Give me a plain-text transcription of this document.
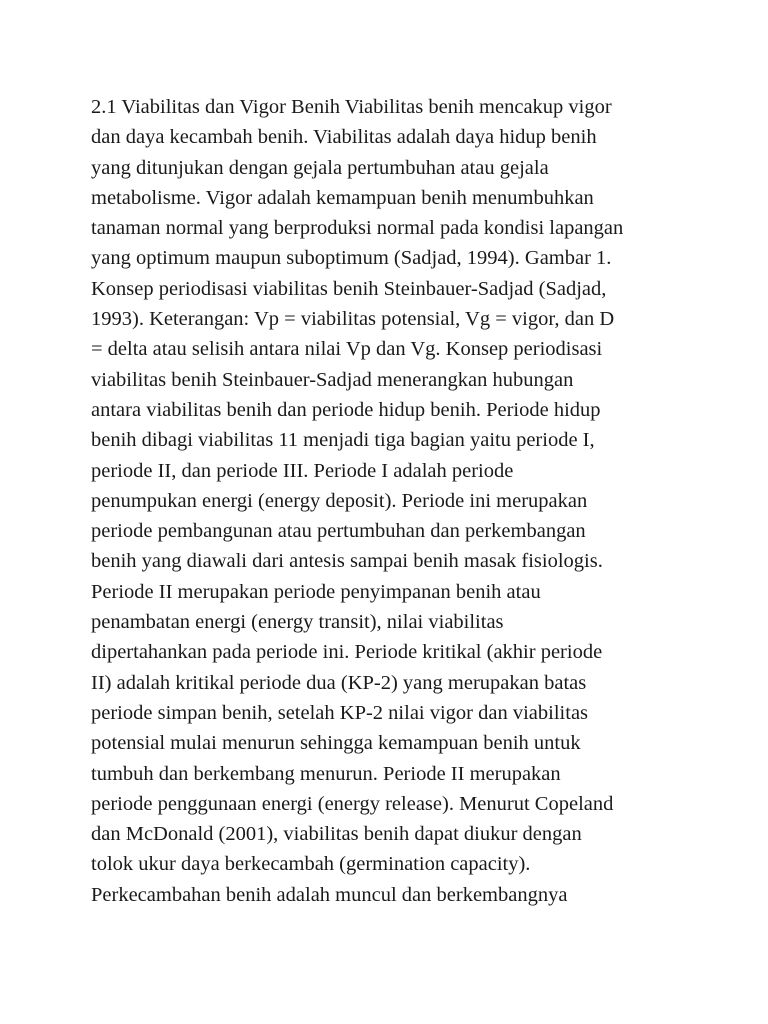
2.1 Viabilitas dan Vigor Benih Viabilitas benih mencakup vigor
dan daya kecambah benih. Viabilitas adalah daya hidup benih
yang ditunjukan dengan gejala pertumbuhan atau gejala
metabolisme. Vigor adalah kemampuan benih menumbuhkan
tanaman normal yang berproduksi normal pada kondisi lapangan
yang optimum maupun suboptimum (Sadjad, 1994). Gambar 1.
Konsep periodisasi viabilitas benih Steinbauer-Sadjad (Sadjad,
1993). Keterangan: Vp = viabilitas potensial, Vg = vigor, dan D
= delta atau selisih antara nilai Vp dan Vg. Konsep periodisasi
viabilitas benih Steinbauer-Sadjad menerangkan hubungan
antara viabilitas benih dan periode hidup benih. Periode hidup
benih dibagi viabilitas 11 menjadi tiga bagian yaitu periode I,
periode II, dan periode III. Periode I adalah periode
penumpukan energi (energy deposit). Periode ini merupakan
periode pembangunan atau pertumbuhan dan perkembangan
benih yang diawali dari antesis sampai benih masak fisiologis.
Periode II merupakan periode penyimpanan benih atau
penambatan energi (energy transit), nilai viabilitas
dipertahankan pada periode ini. Periode kritikal (akhir periode
II) adalah kritikal periode dua (KP-2) yang merupakan batas
periode simpan benih, setelah KP-2 nilai vigor dan viabilitas
potensial mulai menurun sehingga kemampuan benih untuk
tumbuh dan berkembang menurun. Periode II merupakan
periode penggunaan energi (energy release). Menurut Copeland
dan McDonald (2001), viabilitas benih dapat diukur dengan
tolok ukur daya berkecambah (germination capacity).
Perkecambahan benih adalah muncul dan berkembangnya
